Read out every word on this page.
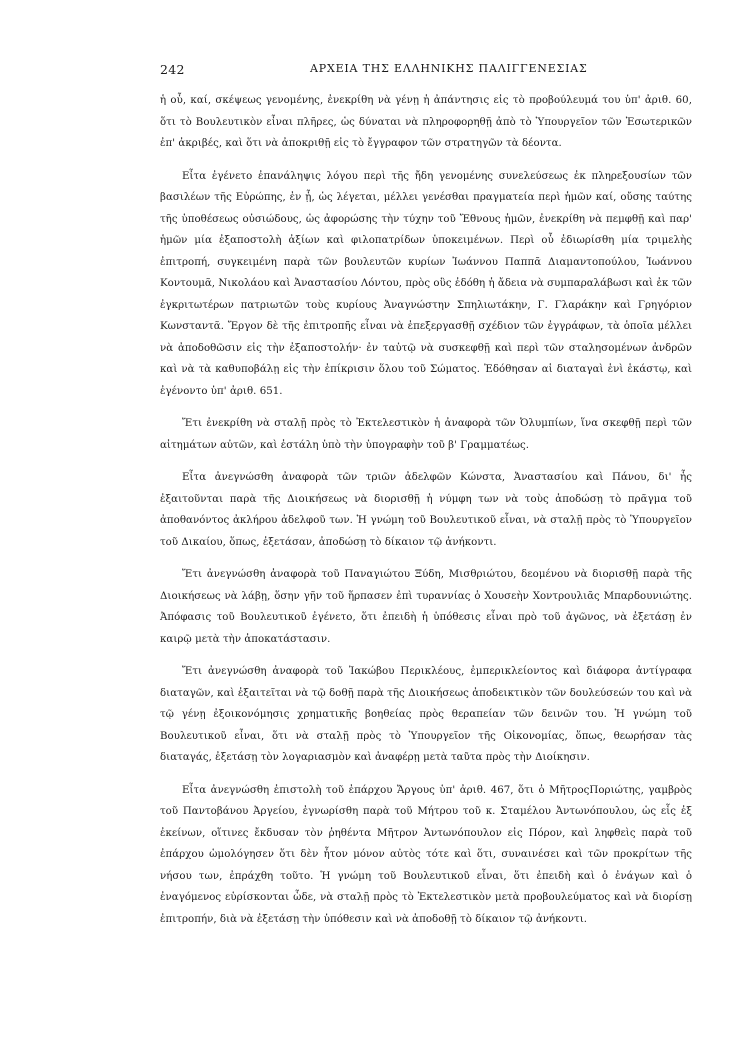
242	ΑΡΧΕΙΑ ΤΗΣ ΕΛΛΗΝΙΚΗΣ ΠΑΛΙΓΓΕΝΕΣΙΑΣ

ἡ οὗ, καί, σκέψεως γενομένης, ἐνεκρίθη νὰ γένῃ ἡ ἀπάντησις εἰς τὸ προβούλευμά του ὑπ' ἀριθ. 60, ὅτι τὸ Βουλευτικὸν εἶναι πλῆρες, ὡς δύναται νὰ πληροφορηθῇ ἀπὸ τὸ Ὑπουργεῖον τῶν Ἐσωτερικῶν ἐπ' ἀκριβές, καὶ ὅτι νὰ ἀποκριθῇ εἰς τὸ ἔγγραφον τῶν στρατηγῶν τὰ δέοντα.

Εἶτα ἐγένετο ἐπανάληψις λόγου περὶ τῆς ἤδη γενομένης συνελεύσεως ἐκ πληρεξουσίων τῶν βασιλέων τῆς Εὐρώπης, ἐν ᾗ, ὡς λέγεται, μέλλει γενέσθαι πραγματεία περὶ ἡμῶν καί, οὔσης ταύτης τῆς ὑποθέσεως οὐσιώδους, ὡς ἀφορώσης τὴν τύχην τοῦ Ἔθνους ἡμῶν, ἐνεκρίθη νὰ πεμφθῇ καὶ παρ' ἡμῶν μία ἐξαποστολὴ ἀξίων καὶ φιλοπατρίδων ὑποκειμένων. Περὶ οὗ ἐδιωρίσθη μία τριμελὴς ἐπιτροπή, συγκειμένη παρὰ τῶν βουλευτῶν κυρίων Ἰωάννου Παππᾶ Διαμαντοπούλου, Ἰωάννου Κοντουμᾶ, Νικολάου καὶ Ἀναστασίου Λόντου, πρὸς οὓς ἐδόθη ἡ ἄδεια νὰ συμπαραλάβωσι καὶ ἐκ τῶν ἐγκριτωτέρων πατριωτῶν τοὺς κυρίους Ἀναγνώστην Σπηλιωτάκην, Γ. Γλαράκην καὶ Γρηγόριον Κωνσταντᾶ. Ἔργον δὲ τῆς ἐπιτροπῆς εἶναι νὰ ἐπεξεργασθῇ σχέδιον τῶν ἐγγράφων, τὰ ὁποῖα μέλλει νὰ ἀποδοθῶσιν εἰς τὴν ἐξαποστολήν· ἐν ταὐτῷ νὰ συσκεφθῇ καὶ περὶ τῶν σταλησομένων ἀνδρῶν καὶ νὰ τὰ καθυποβάλῃ εἰς τὴν ἐπίκρισιν ὅλου τοῦ Σώματος. Ἐδόθησαν αἱ διαταγαὶ ἑνὶ ἑκάστῳ, καὶ ἐγένοντο ὑπ' ἀριθ. 651.

Ἔτι ἐνεκρίθη νὰ σταλῇ πρὸς τὸ Ἐκτελεστικὸν ἡ ἀναφορὰ τῶν Ὀλυμπίων, ἵνα σκεφθῇ περὶ τῶν αἰτημάτων αὐτῶν, καὶ ἐστάλη ὑπὸ τὴν ὑπογραφὴν τοῦ β' Γραμματέως.

Εἶτα ἀνεγνώσθη ἀναφορὰ τῶν τριῶν ἀδελφῶν Κώνστα, Ἀναστασίου καὶ Πάνου, δι' ἧς ἐξαιτοῦνται παρὰ τῆς Διοικήσεως νὰ διορισθῇ ἡ νύμφη των νὰ τοὺς ἀποδώσῃ τὸ πρᾶγμα τοῦ ἀποθανόντος ἀκλήρου ἀδελφοῦ των. Ἡ γνώμη τοῦ Βουλευτικοῦ εἶναι, νὰ σταλῇ πρὸς τὸ Ὑπουργεῖον τοῦ Δικαίου, ὅπως, ἐξετάσαν, ἀποδώσῃ τὸ δίκαιον τῷ ἀνήκοντι.

Ἔτι ἀνεγνώσθη ἀναφορὰ τοῦ Παναγιώτου Ξύδη, Μισθριώτου, δεομένου νὰ διορισθῇ παρὰ τῆς Διοικήσεως νὰ λάβῃ, ὅσην γῆν τοῦ ἥρπασεν ἐπὶ τυραννίας ὁ Χουσεὴν Χοντρουλιᾶς Μπαρδουνιώτης. Ἀπόφασις τοῦ Βουλευτικοῦ ἐγένετο, ὅτι ἐπειδὴ ἡ ὑπόθεσις εἶναι πρὸ τοῦ ἀγῶνος, νὰ ἐξετάσῃ ἐν καιρῷ μετὰ τὴν ἀποκατάστασιν.

Ἔτι ἀνεγνώσθη ἀναφορὰ τοῦ Ἰακώβου Περικλέους, ἐμπερικλείοντος καὶ διάφορα ἀντίγραφα διαταγῶν, καὶ ἐξαιτεῖται νὰ τῷ δοθῇ παρὰ τῆς Διοικήσεως ἀποδεικτικὸν τῶν δουλεύσεών του καὶ νὰ τῷ γένῃ ἐξοικονόμησις χρηματικῆς βοηθείας πρὸς θεραπείαν τῶν δεινῶν του. Ἡ γνώμη τοῦ Βουλευτικοῦ εἶναι, ὅτι νὰ σταλῇ πρὸς τὸ Ὑπουργεῖον τῆς Οἰκονομίας, ὅπως, θεωρήσαν τὰς διαταγάς, ἐξετάσῃ τὸν λογαριασμὸν καὶ ἀναφέρῃ μετὰ ταῦτα πρὸς τὴν Διοίκησιν.

Εἶτα ἀνεγνώσθη ἐπιστολὴ τοῦ ἐπάρχου Ἄργους ὑπ' ἀριθ. 467, ὅτι ὁ ΜῆτροςΠοριώτης, γαμβρὸς τοῦ Παντοβάνου Ἀργείου, ἐγνωρίσθη παρὰ τοῦ Μήτρου τοῦ κ. Σταμέλου Ἀντωνόπουλου, ὡς εἷς ἐξ ἐκείνων, οἵτινες ἔκδυσαν τὸν ῥηθέντα Μῆτρον Ἀντωνόπουλον εἰς Πόρον, καὶ ληφθεὶς παρὰ τοῦ ἐπάρχου ὡμολόγησεν ὅτι δὲν ἦτον μόνον αὐτὸς τότε καὶ ὅτι, συναινέσει καὶ τῶν προκρίτων τῆς νήσου των, ἐπράχθη τοῦτο. Ἡ γνώμη τοῦ Βουλευτικοῦ εἶναι, ὅτι ἐπειδὴ καὶ ὁ ἐνάγων καὶ ὁ ἐναγόμενος εὑρίσκονται ὧδε, νὰ σταλῇ πρὸς τὸ Ἐκτελεστικὸν μετὰ προβουλεύματος καὶ νὰ διορίσῃ ἐπιτροπήν, διὰ νὰ ἐξετάσῃ τὴν ὑπόθεσιν καὶ νὰ ἀποδοθῇ τὸ δίκαιον τῷ ἀνήκοντι.
